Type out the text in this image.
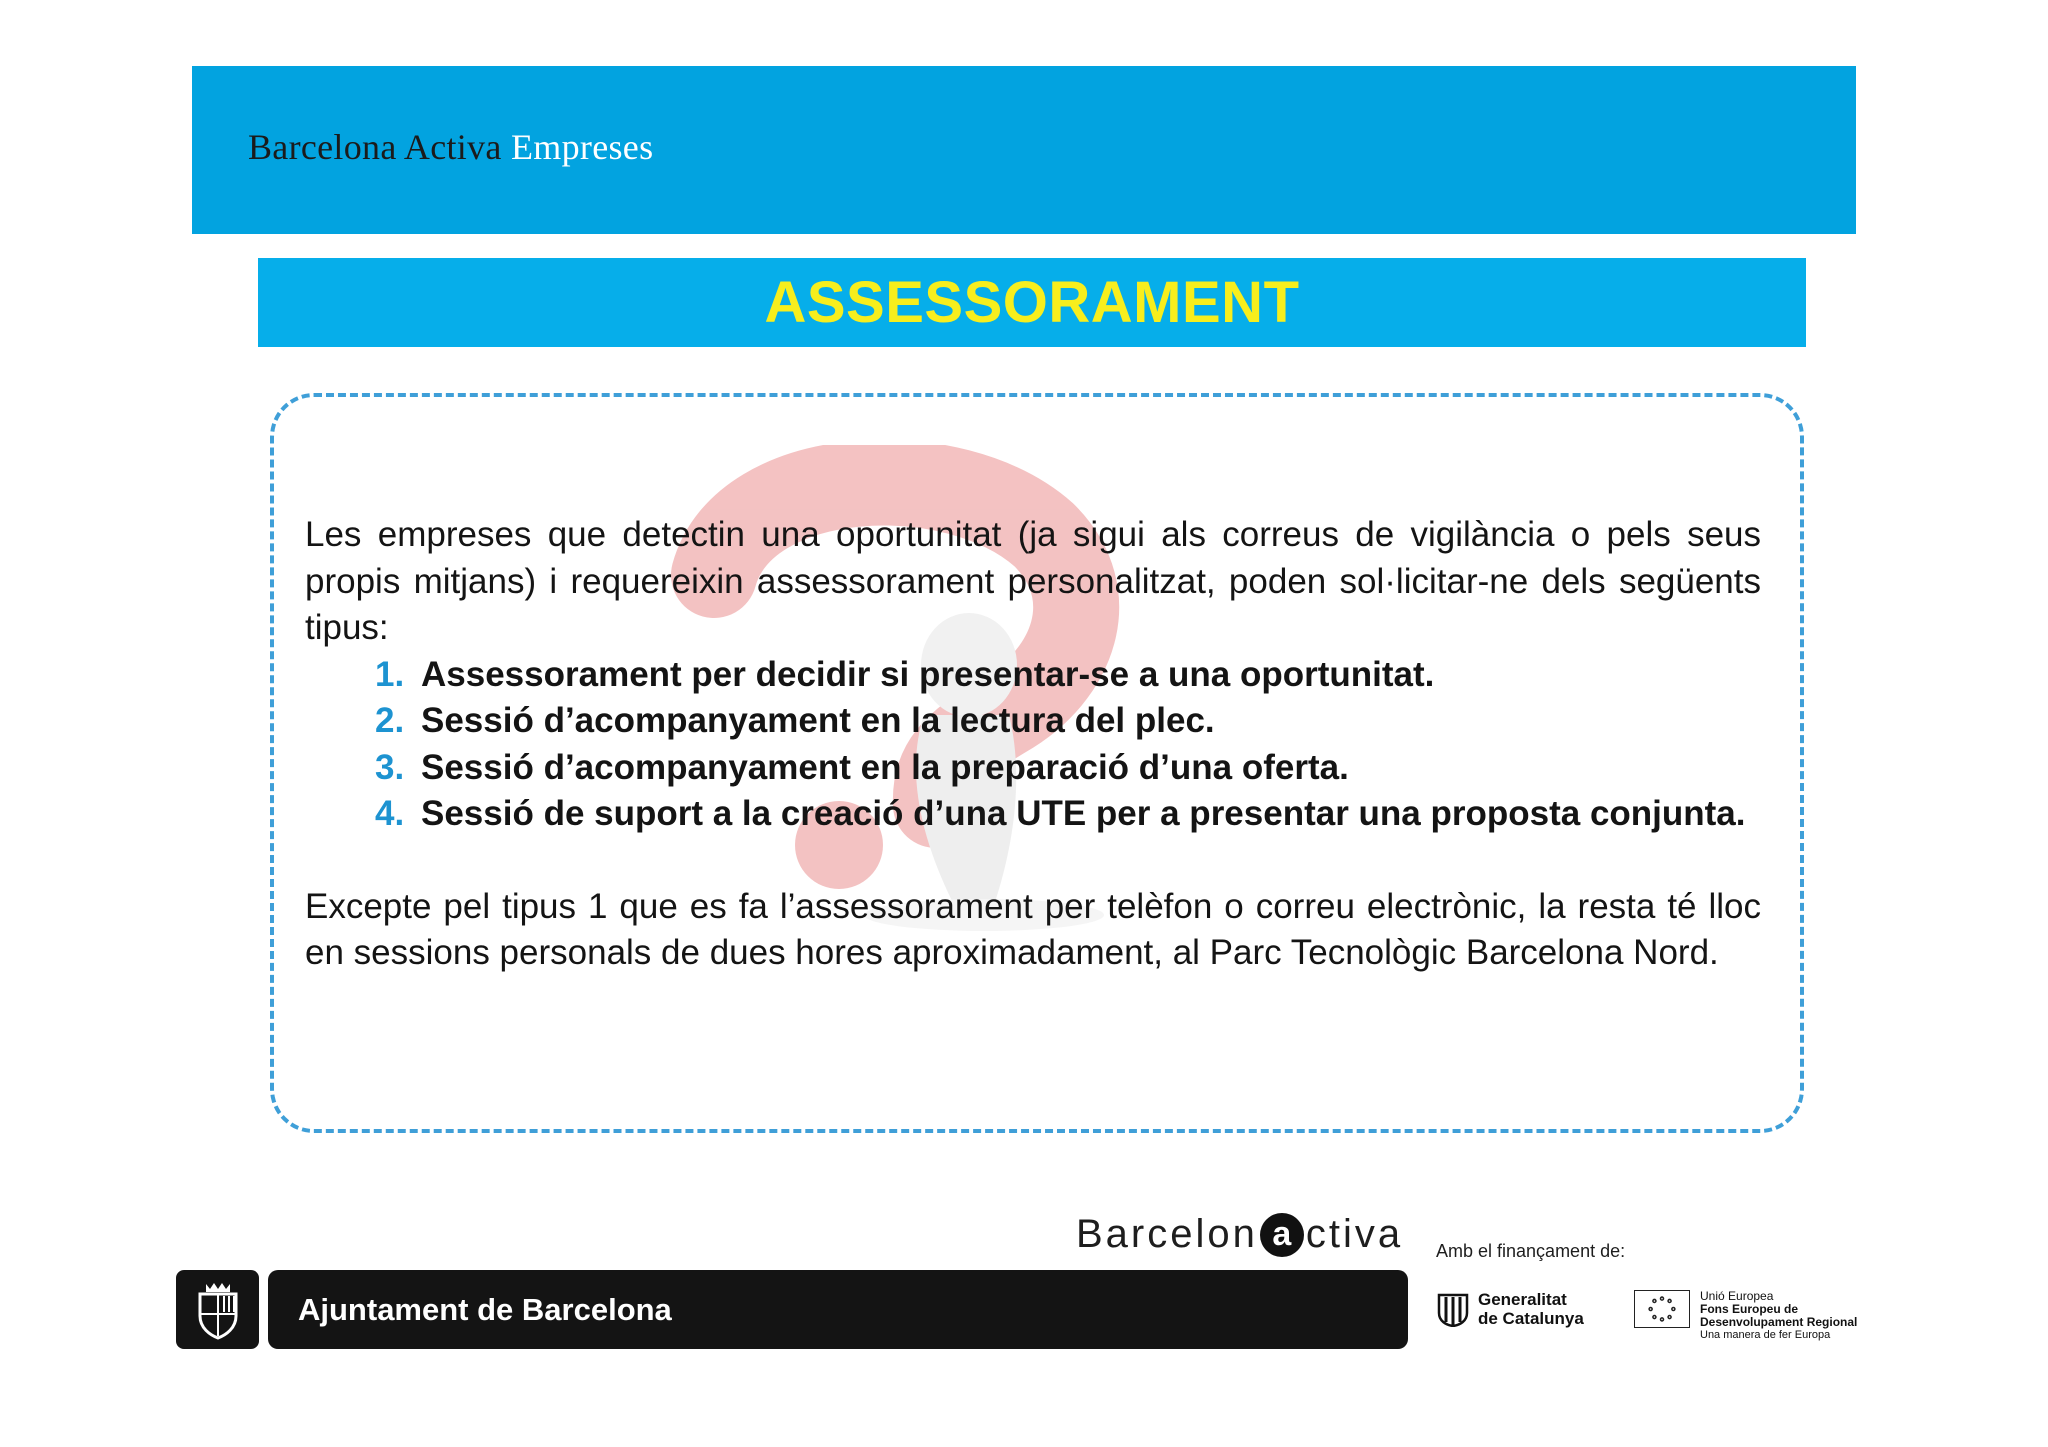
Barcelona Activa Empreses
ASSESSORAMENT

Les empreses que detectin una oportunitat (ja sigui als correus de vigilància o pels seus propis mitjans) i requereixin assessorament personalitzat, poden sol·licitar-ne dels següents tipus:

1. Assessorament per decidir si presentar-se a una oportunitat.
2. Sessió d’acompanyament en la lectura del plec.
3. Sessió d’acompanyament en la preparació d’una oferta.
4. Sessió de suport a la creació d’una UTE per a presentar una proposta conjunta.

Excepte pel tipus 1 que es fa l’assessorament per telèfon o correu electrònic, la resta té lloc en sessions personals de dues hores aproximadament, al Parc Tecnològic Barcelona Nord.

Barcelon a ctiva
Ajuntament de Barcelona
Amb el finançament de:
Generalitat
de Catalunya
Unió Europea
Fons Europeu de
Desenvolupament Regional
Una manera de fer Europa
